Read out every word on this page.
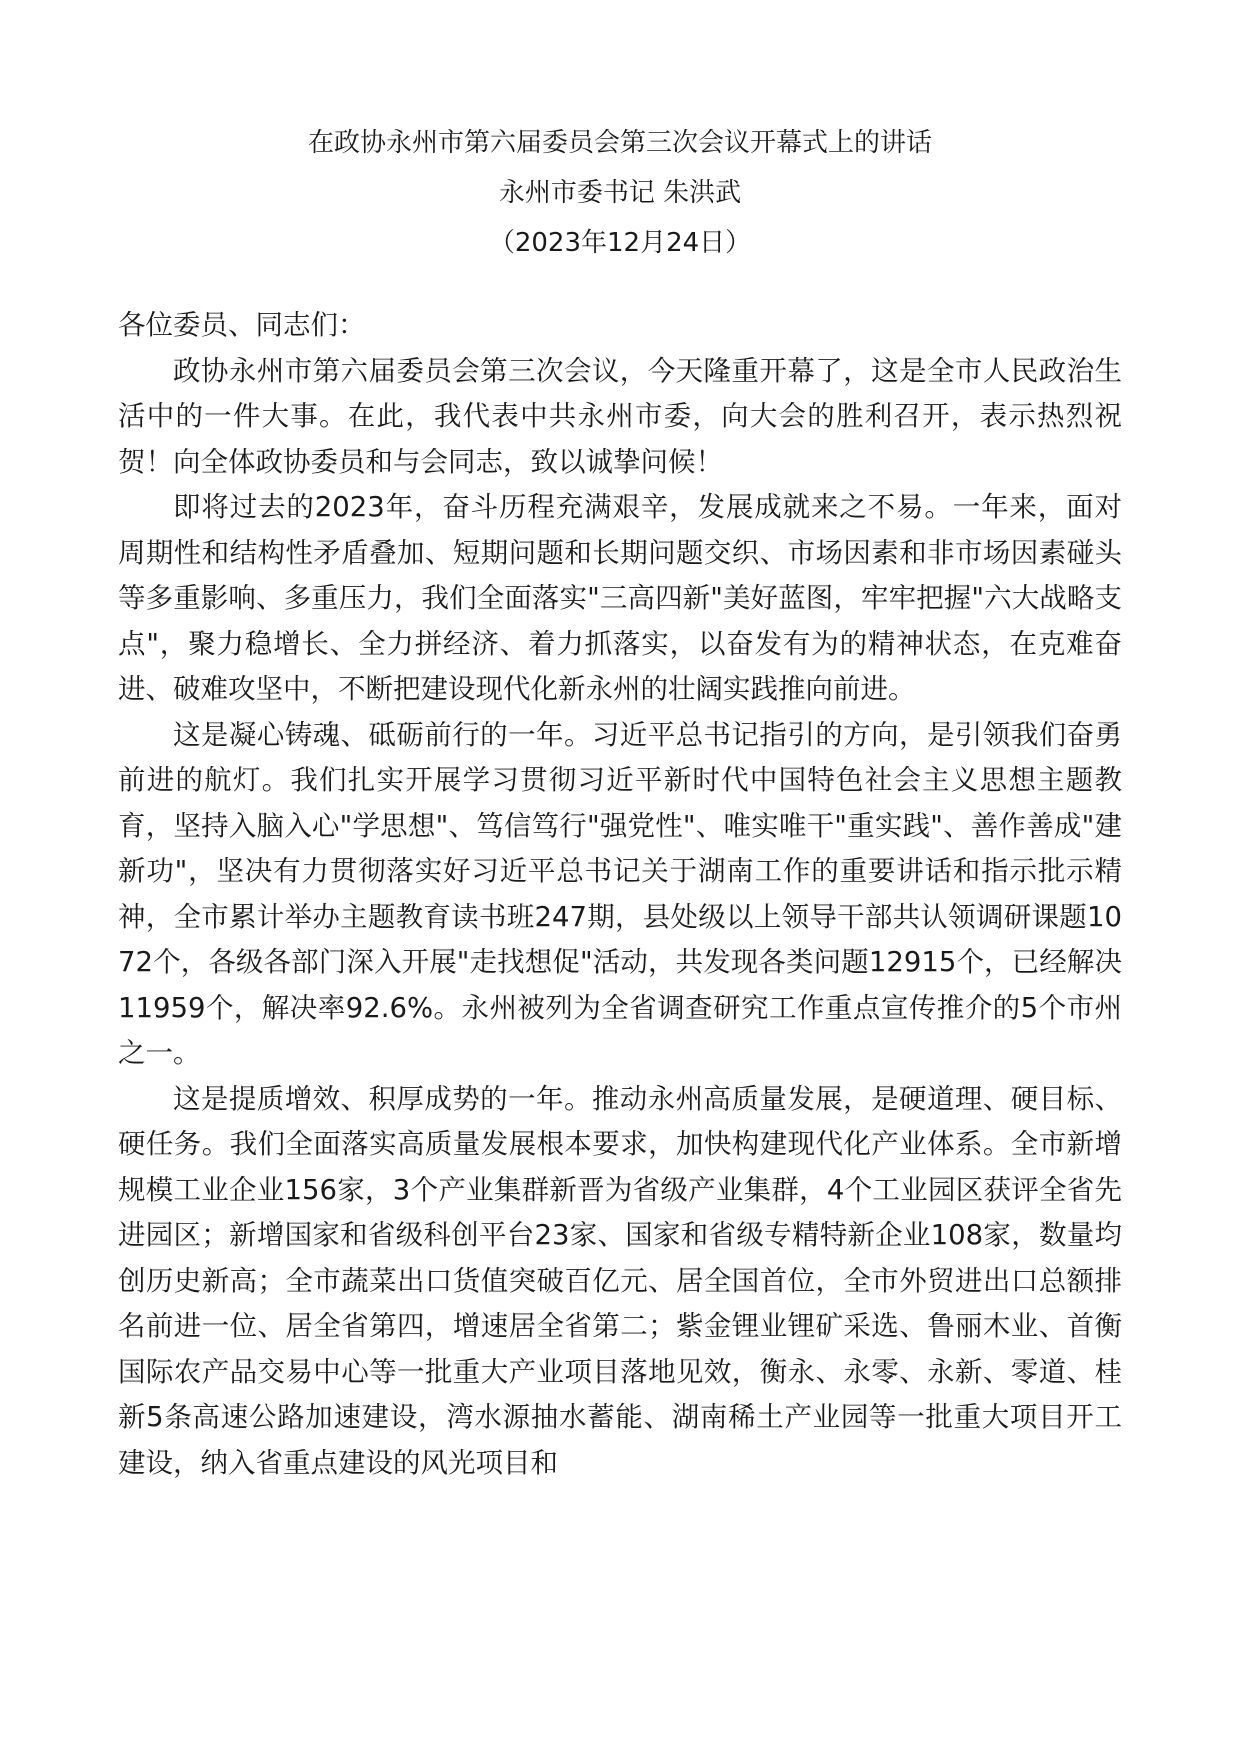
在政协永州市第六届委员会第三次会议开幕式上的讲话
永州市委书记 朱洪武
（2023年12月24日）
各位委员、同志们：

政协永州市第六届委员会第三次会议，今天隆重开幕了，这是全市人民政治生活中的一件大事。在此，我代表中共永州市委，向大会的胜利召开，表示热烈祝贺！向全体政协委员和与会同志，致以诚挚问候！

即将过去的2023年，奋斗历程充满艰辛，发展成就来之不易。一年来，面对周期性和结构性矛盾叠加、短期问题和长期问题交织、市场因素和非市场因素碰头等多重影响、多重压力，我们全面落实"三高四新"美好蓝图，牢牢把握"六大战略支点"，聚力稳增长、全力拼经济、着力抓落实，以奋发有为的精神状态，在克难奋进、破难攻坚中，不断把建设现代化新永州的壮阔实践推向前进。

这是凝心铸魂、砥砺前行的一年。习近平总书记指引的方向，是引领我们奋勇前进的航灯。我们扎实开展学习贯彻习近平新时代中国特色社会主义思想主题教育，坚持入脑入心"学思想"、笃信笃行"强党性"、唯实唯干"重实践"、善作善成"建新功"，坚决有力贯彻落实好习近平总书记关于湖南工作的重要讲话和指示批示精神，全市累计举办主题教育读书班247期，县处级以上领导干部共认领调研课题1072个，各级各部门深入开展"走找想促"活动，共发现各类问题12915个，已经解决11959个，解决率92.6%。永州被列为全省调查研究工作重点宣传推介的5个市州之一。

这是提质增效、积厚成势的一年。推动永州高质量发展，是硬道理、硬目标、硬任务。我们全面落实高质量发展根本要求，加快构建现代化产业体系。全市新增规模工业企业156家，3个产业集群新晋为省级产业集群，4个工业园区获评全省先进园区；新增国家和省级科创平台23家、国家和省级专精特新企业108家，数量均创历史新高；全市蔬菜出口货值突破百亿元、居全国首位，全市外贸进出口总额排名前进一位、居全省第四，增速居全省第二；紫金锂业锂矿采选、鲁丽木业、首衡国际农产品交易中心等一批重大产业项目落地见效，衡永、永零、永新、零道、桂新5条高速公路加速建设，湾水源抽水蓄能、湖南稀土产业园等一批重大项目开工建设，纳入省重点建设的风光项目和
